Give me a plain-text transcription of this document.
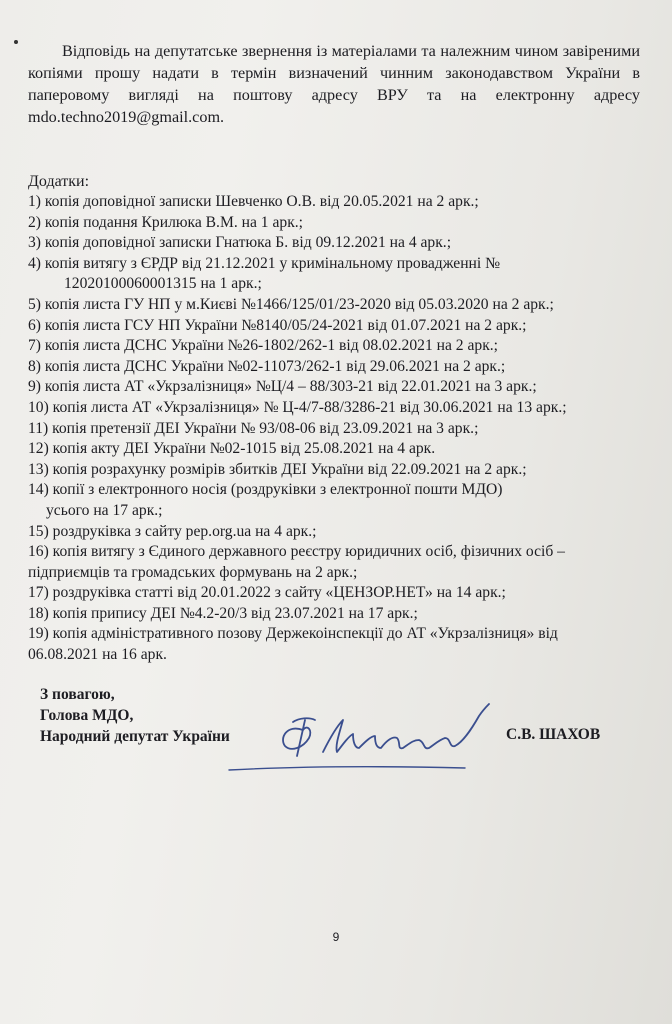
Відповідь на депутатське звернення із матеріалами та належним чином завіреними копіями прошу надати в термін визначений чинним законодавством України в паперовому вигляді на поштову адресу ВРУ та на електронну адресу mdo.techno2019@gmail.com.
Додатки:
1) копія доповідної записки Шевченко О.В. від 20.05.2021 на 2 арк.;
2) копія подання Крилюка В.М. на 1 арк.;
3) копія доповідної записки Гнатюка Б. від 09.12.2021 на 4 арк.;
4) копія витягу з ЄРДР від 21.12.2021 у кримінальному провадженні №
12020100060001315 на 1 арк.;
5) копія листа ГУ НП у м.Києві №1466/125/01/23-2020 від 05.03.2020 на 2 арк.;
6) копія листа ГСУ НП України №8140/05/24-2021 від 01.07.2021 на 2 арк.;
7) копія листа ДСНС України №26-1802/262-1 від 08.02.2021 на 2 арк.;
8) копія листа ДСНС України №02-11073/262-1 від 29.06.2021 на 2 арк.;
9) копія листа АТ «Укрзалізниця» №Ц/4 – 88/303-21 від 22.01.2021 на 3 арк.;
10) копія листа АТ «Укрзалізниця» № Ц-4/7-88/3286-21 від 30.06.2021 на 13 арк.;
11) копія претензії ДЕІ України № 93/08-06 від 23.09.2021 на 3 арк.;
12) копія акту ДЕІ України №02-1015 від 25.08.2021 на 4 арк.
13) копія розрахунку розмірів збитків ДЕІ України від 22.09.2021 на 2 арк.;
14) копії з електронного носія (роздруківки з електронної пошти МДО)
усього на 17 арк.;
15) роздруківка з сайту pep.org.ua на 4 арк.;
16) копія витягу з Єдиного державного реєстру юридичних осіб, фізичних осіб –
підприємців та громадських формувань на 2 арк.;
17) роздруківка статті від 20.01.2022 з сайту «ЦЕНЗОР.НЕТ» на 14 арк.;
18) копія припису ДЕІ №4.2-20/3 від 23.07.2021 на 17 арк.;
19) копія адміністративного позову Держекоінспекції до АТ «Укрзалізниця» від
06.08.2021 на 16 арк.
З повагою,
Голова МДО,
Народний депутат України	С.В. ШАХОВ
9
